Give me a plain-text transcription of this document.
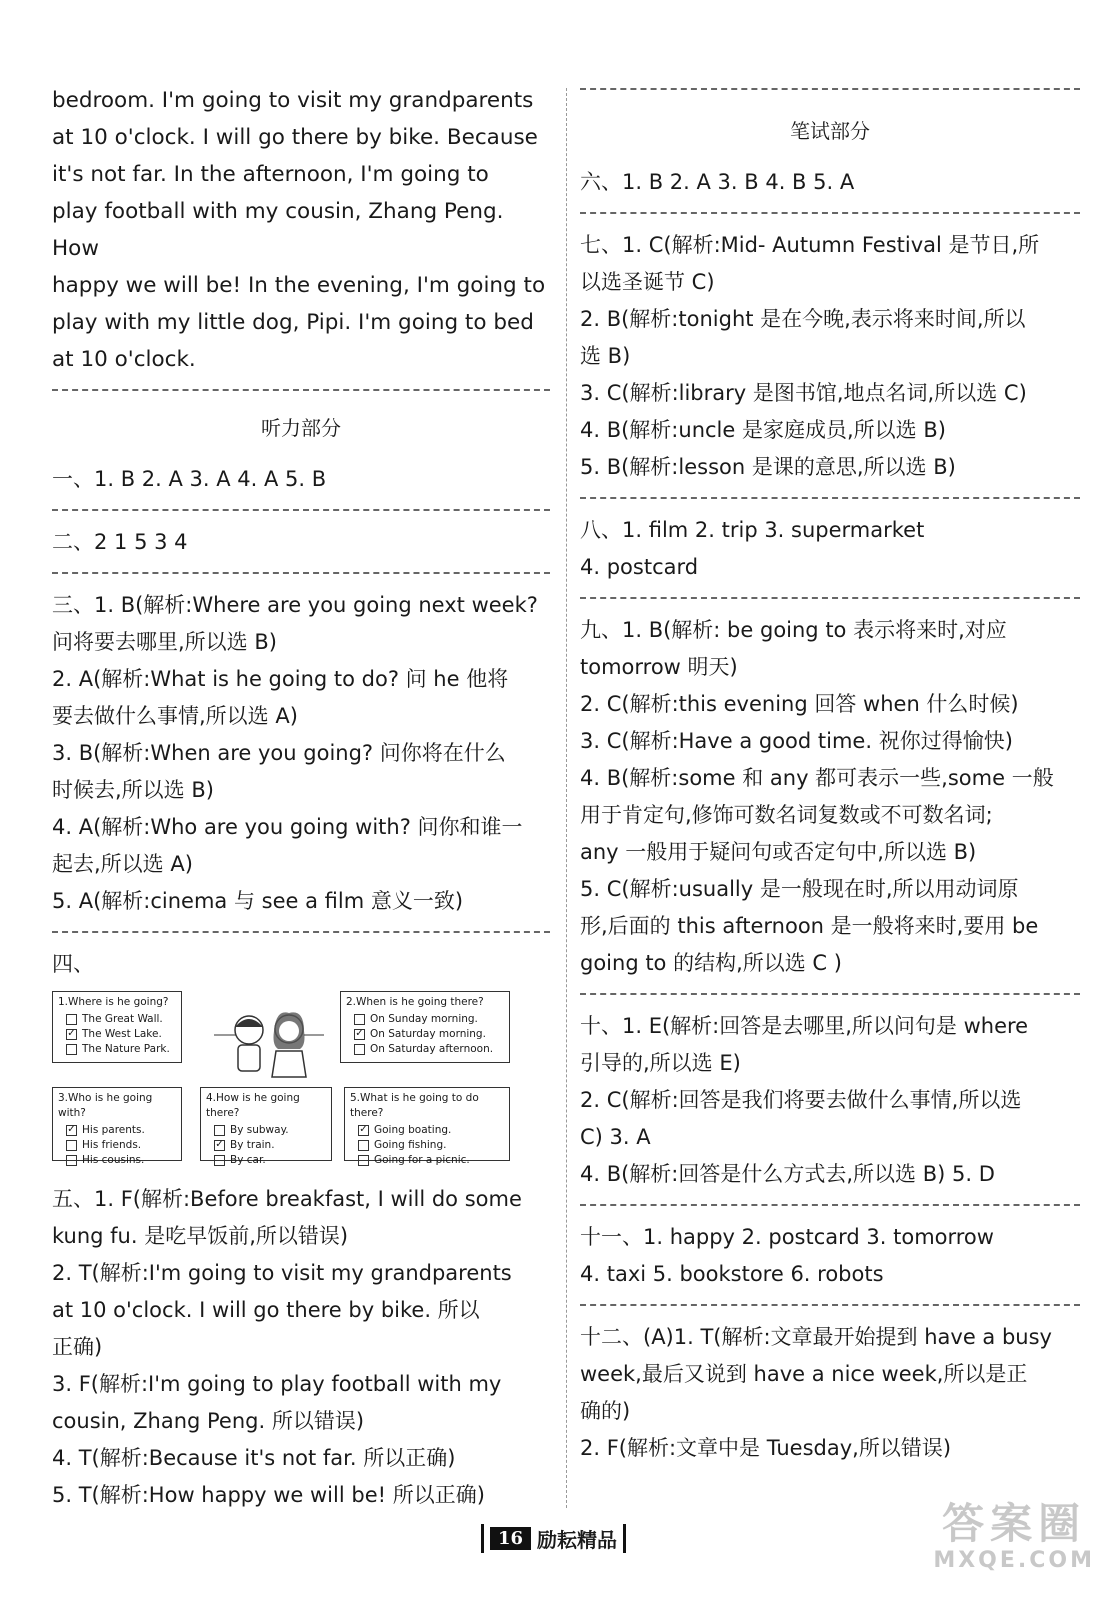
bedroom. I'm going to visit my grandparents

at 10 o'clock. I will go there by bike. Because

it's not far. In the afternoon, I'm going to

play football with my cousin, Zhang Peng. How

happy we will be! In the evening, I'm going to

play with my little dog, Pipi. I'm going to bed

at 10 o'clock.

听力部分

一、1. B 2. A 3. A 4. A 5. B

二、2 1 5 3 4

三、1. B(解析:Where are you going next week?

问将要去哪里,所以选 B)

2. A(解析:What is he going to do? 问 he 他将

要去做什么事情,所以选 A)

3. B(解析:When are you going? 问你将在什么

时候去,所以选 B)

4. A(解析:Who are you going with? 问你和谁一

起去,所以选 A)

5. A(解析:cinema 与 see a film 意义一致)

四、

1.Where is he going?
The Great Wall.
✓ The West Lake.
The Nature Park.
2.When is he going there?
On Sunday morning.
✓ On Saturday morning.
On Saturday afternoon.
3.Who is he going with?
✓ His parents.
His friends.
His cousins.
4.How is he going there?
By subway.
✓ By train.
By car.
5.What is he going to do there?
✓ Going boating.
Going fishing.
Going for a picnic.

五、1. F(解析:Before breakfast, I will do some

kung fu. 是吃早饭前,所以错误)

2. T(解析:I'm going to visit my grandparents

at 10 o'clock. I will go there by bike. 所以

正确)

3. F(解析:I'm going to play football with my

cousin, Zhang Peng. 所以错误)

4. T(解析:Because it's not far. 所以正确)

5. T(解析:How happy we will be! 所以正确)

笔试部分

六、1. B 2. A 3. B 4. B 5. A

七、1. C(解析:Mid- Autumn Festival 是节日,所

以选圣诞节 C)

2. B(解析:tonight 是在今晚,表示将来时间,所以

选 B)

3. C(解析:library 是图书馆,地点名词,所以选 C)

4. B(解析:uncle 是家庭成员,所以选 B)

5. B(解析:lesson 是课的意思,所以选 B)

八、1. film 2. trip 3. supermarket

4. postcard

九、1. B(解析: be going to 表示将来时,对应

tomorrow 明天)

2. C(解析:this evening 回答 when 什么时候)

3. C(解析:Have a good time. 祝你过得愉快)

4. B(解析:some 和 any 都可表示一些,some 一般

用于肯定句,修饰可数名词复数或不可数名词;

any 一般用于疑问句或否定句中,所以选 B)

5. C(解析:usually 是一般现在时,所以用动词原

形,后面的 this afternoon 是一般将来时,要用 be

going to 的结构,所以选 C )

十、1. E(解析:回答是去哪里,所以问句是 where

引导的,所以选 E)

2. C(解析:回答是我们将要去做什么事情,所以选

C) 3. A

4. B(解析:回答是什么方式去,所以选 B) 5. D

十一、1. happy 2. postcard 3. tomorrow

4. taxi 5. bookstore 6. robots

十二、(A)1. T(解析:文章最开始提到 have a busy

week,最后又说到 have a nice week,所以是正

确的)

2. F(解析:文章中是 Tuesday,所以错误)

16 励耘精品	答案圈
MXQE.COM
